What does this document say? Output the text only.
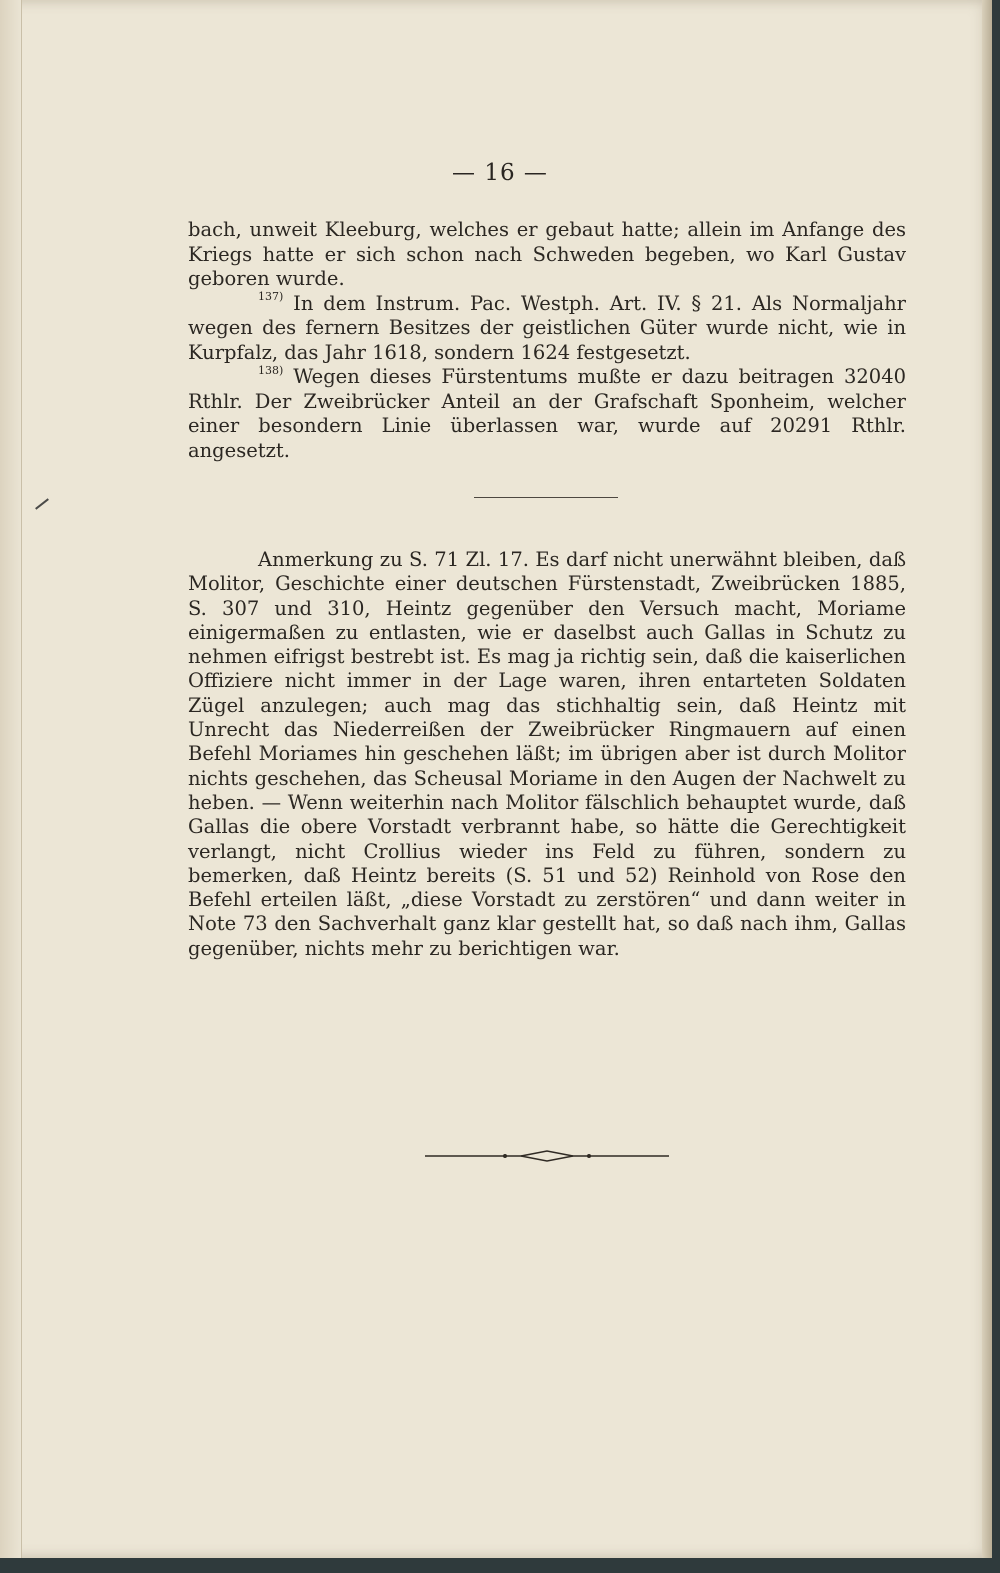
— 16 —

bach, unweit Kleeburg, welches er gebaut hatte; allein im Anfange des Kriegs hatte er sich schon nach Schweden begeben, wo Karl Gustav geboren wurde.

$^{137)}$ In dem Instrum. Pac. Westph. Art. IV. § 21. Als Normaljahr wegen des fernern Besitzes der geistlichen Güter wurde nicht, wie in Kurpfalz, das Jahr 1618, sondern 1624 festgesetzt.

$^{138)}$ Wegen dieses Fürstentums mußte er dazu beitragen 32040 Rthlr. Der Zweibrücker Anteil an der Grafschaft Sponheim, welcher einer besondern Linie überlassen war, wurde auf 20291 Rthlr. angesetzt.

Anmerkung zu S. 71 Zl. 17. Es darf nicht unerwähnt bleiben, daß Molitor, Geschichte einer deutschen Fürstenstadt, Zweibrücken 1885, S. 307 und 310, Heintz gegenüber den Versuch macht, Moriame einigermaßen zu entlasten, wie er daselbst auch Gallas in Schutz zu nehmen eifrigst bestrebt ist. Es mag ja richtig sein, daß die kaiserlichen Offiziere nicht immer in der Lage waren, ihren entarteten Soldaten Zügel anzulegen; auch mag das stichhaltig sein, daß Heintz mit Unrecht das Niederreißen der Zweibrücker Ringmauern auf einen Befehl Moriames hin geschehen läßt; im übrigen aber ist durch Molitor nichts geschehen, das Scheusal Moriame in den Augen der Nachwelt zu heben. — Wenn weiterhin nach Molitor fälschlich behauptet wurde, daß Gallas die obere Vorstadt verbrannt habe, so hätte die Gerechtigkeit verlangt, nicht Crollius wieder ins Feld zu führen, sondern zu bemerken, daß Heintz bereits (S. 51 und 52) Reinhold von Rose den Befehl erteilen läßt, „diese Vorstadt zu zerstören“ und dann weiter in Note 73 den Sachverhalt ganz klar gestellt hat, so daß nach ihm, Gallas gegenüber, nichts mehr zu berichtigen war.
